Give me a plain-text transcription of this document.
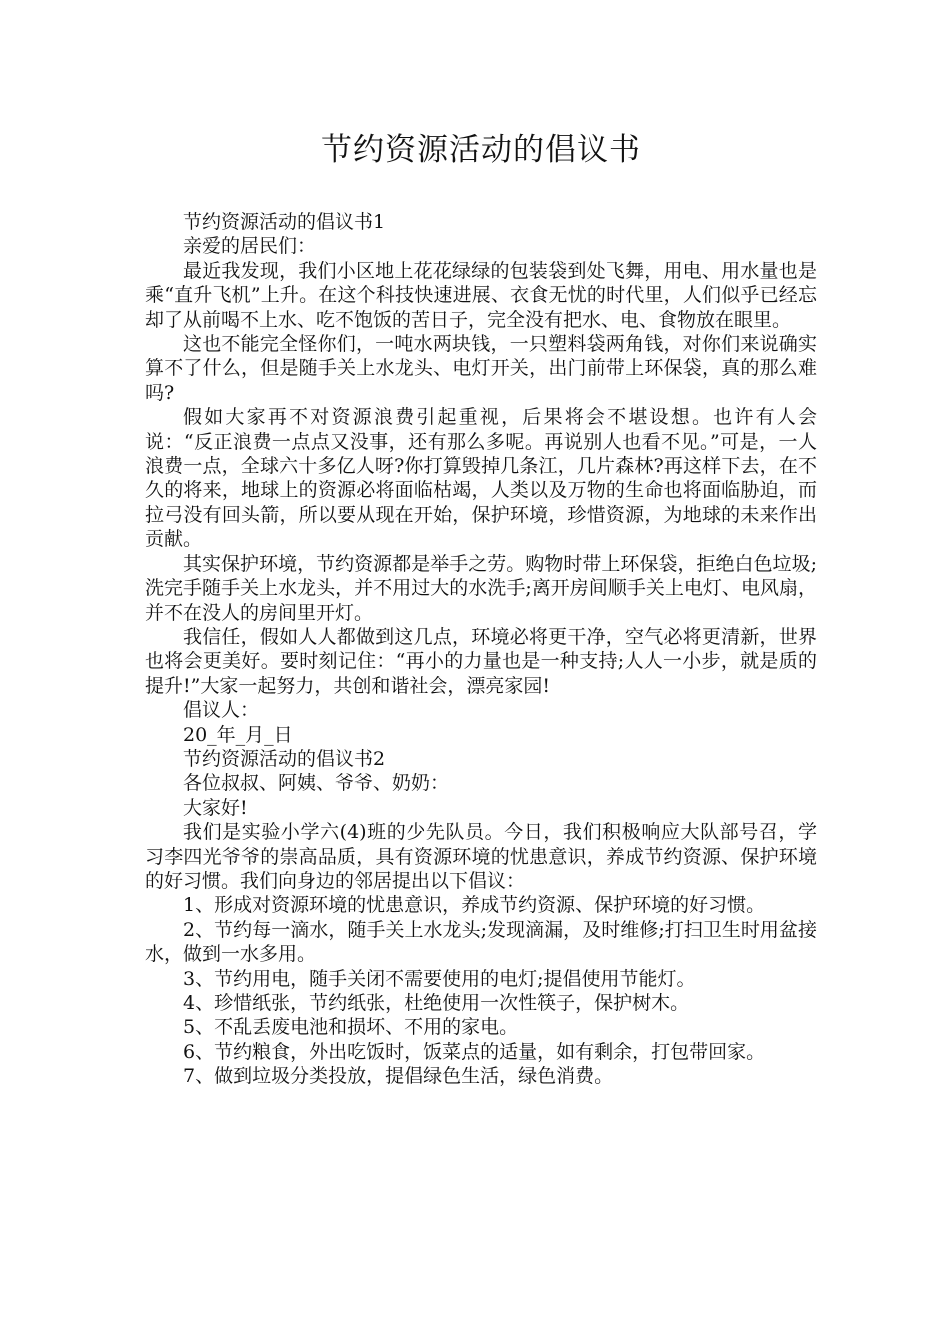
节约资源活动的倡议书

节约资源活动的倡议书1

亲爱的居民们：

最近我发现，我们小区地上花花绿绿的包装袋到处飞舞，用电、用水量也是乘“直升飞机”上升。在这个科技快速进展、衣食无忧的时代里，人们似乎已经忘却了从前喝不上水、吃不饱饭的苦日子，完全没有把水、电、食物放在眼里。

这也不能完全怪你们，一吨水两块钱，一只塑料袋两角钱，对你们来说确实算不了什么，但是随手关上水龙头、电灯开关，出门前带上环保袋，真的那么难吗?

假如大家再不对资源浪费引起重视，后果将会不堪设想。也许有人会说：“反正浪费一点点又没事，还有那么多呢。再说别人也看不见。”可是，一人浪费一点，全球六十多亿人呀?你打算毁掉几条江，几片森林?再这样下去，在不久的将来，地球上的资源必将面临枯竭，人类以及万物的生命也将面临胁迫，而拉弓没有回头箭，所以要从现在开始，保护环境，珍惜资源，为地球的未来作出贡献。

其实保护环境，节约资源都是举手之劳。购物时带上环保袋，拒绝白色垃圾;洗完手随手关上水龙头，并不用过大的水洗手;离开房间顺手关上电灯、电风扇，并不在没人的房间里开灯。

我信任，假如人人都做到这几点，环境必将更干净，空气必将更清新，世界也将会更美好。要时刻记住：“再小的力量也是一种支持;人人一小步，就是质的提升!”大家一起努力，共创和谐社会，漂亮家园!

倡议人：

20_年_月_日

节约资源活动的倡议书2

各位叔叔、阿姨、爷爷、奶奶：

大家好!

我们是实验小学六(4)班的少先队员。今日，我们积极响应大队部号召，学习李四光爷爷的崇高品质，具有资源环境的忧患意识，养成节约资源、保护环境的好习惯。我们向身边的邻居提出以下倡议：

1、形成对资源环境的忧患意识，养成节约资源、保护环境的好习惯。

2、节约每一滴水，随手关上水龙头;发现滴漏，及时维修;打扫卫生时用盆接水，做到一水多用。

3、节约用电，随手关闭不需要使用的电灯;提倡使用节能灯。

4、珍惜纸张，节约纸张，杜绝使用一次性筷子，保护树木。

5、不乱丢废电池和损坏、不用的家电。

6、节约粮食，外出吃饭时，饭菜点的适量，如有剩余，打包带回家。

7、做到垃圾分类投放，提倡绿色生活，绿色消费。
